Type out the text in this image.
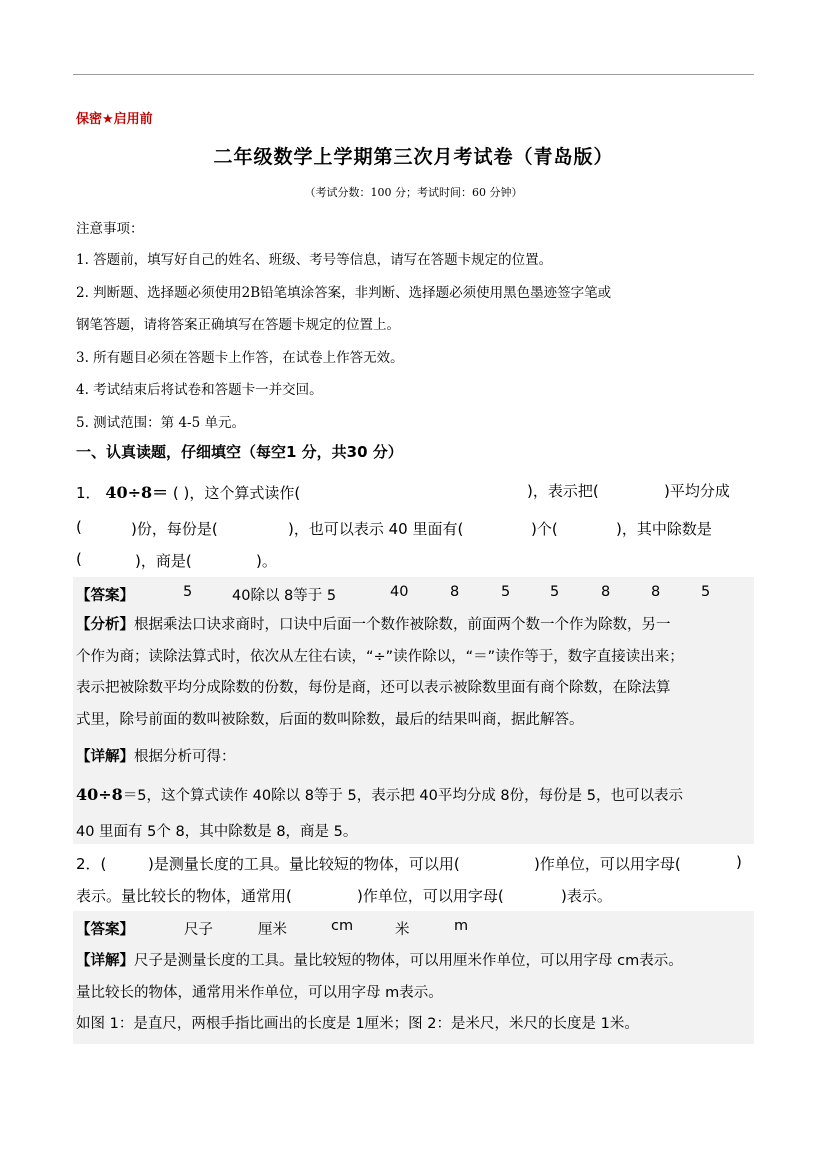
保密★启用前
二年级数学上学期第三次月考试卷（青岛版）
（考试分数：100 分；考试时间：60 分钟）
注意事项：
1. 答题前，填写好自己的姓名、班级、考号等信息，请写在答题卡规定的位置。
2. 判断题、选择题必须使用2B铅笔填涂答案，非判断、选择题必须使用黑色墨迹签字笔或
钢笔答题，请将答案正确填写在答题卡规定的位置上。
3. 所有题目必须在答题卡上作答，在试卷上作答无效。
4. 考试结束后将试卷和答题卡一并交回。
5. 测试范围：第 4-5 单元。
一、认真读题，仔细填空（每空1 分，共30 分）
1． 40÷8＝ ( )，这个算式读作(	)，表示把(	)平均分成
(	)份，每份是(	)，也可以表示 40 里面有(	)个(	)，其中除数是
(	)，商是(	)。
【答案】	5	40除以 8等于 5	40	8	5	5	8	8	5

【分析】根据乘法口诀求商时，口诀中后面一个数作被除数，前面两个数一个作为除数，另一

个作为商；读除法算式时，依次从左往右读，“÷”读作除以，“＝”读作等于，数字直接读出来；

表示把被除数平均分成除数的份数，每份是商，还可以表示被除数里面有商个除数，在除法算

式里，除号前面的数叫被除数，后面的数叫除数，最后的结果叫商，据此解答。

【详解】根据分析可得：
40÷8＝5，这个算式读作 40除以 8等于 5，表示把 40平均分成 8份，每份是 5，也可以表示
40 里面有 5个 8，其中除数是 8，商是 5。
2．(	)是测量长度的工具。量比较短的物体，可以用(	)作单位，可以用字母(	)
表示。量比较长的物体，通常用(	)作单位，可以用字母(	)表示。
【答案】	尺子	厘米	cm	米	m

【详解】尺子是测量长度的工具。量比较短的物体，可以用厘米作单位，可以用字母 cm表示。

量比较长的物体，通常用米作单位，可以用字母 m表示。

如图 1：是直尺，两根手指比画出的长度是 1厘米；图 2：是米尺，米尺的长度是 1米。
